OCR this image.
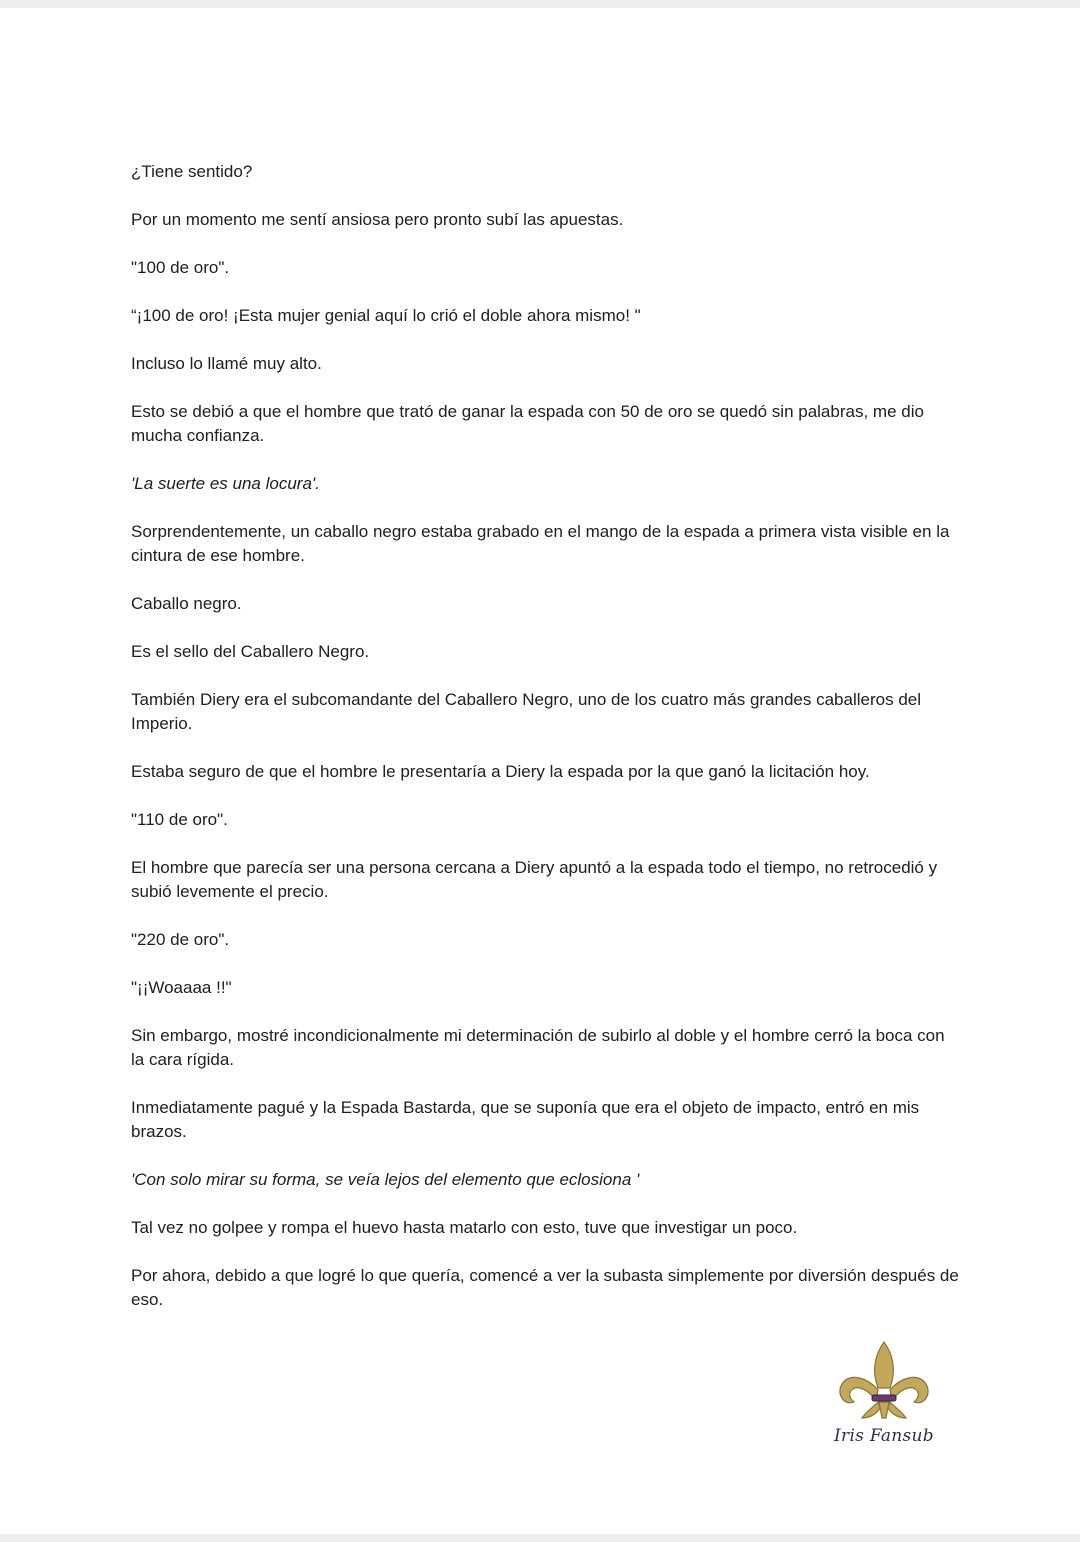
¿Tiene sentido?

Por un momento me sentí ansiosa pero pronto subí las apuestas.

"100 de oro".

“¡100 de oro! ¡Esta mujer genial aquí lo crió el doble ahora mismo! "

Incluso lo llamé muy alto.

Esto se debió a que el hombre que trató de ganar la espada con 50 de oro se quedó sin palabras, me dio mucha confianza.

'La suerte es una locura'.

Sorprendentemente, un caballo negro estaba grabado en el mango de la espada a primera vista visible en la cintura de ese hombre.

Caballo negro.

Es el sello del Caballero Negro.

También Diery era el subcomandante del Caballero Negro, uno de los cuatro más grandes caballeros del Imperio.

Estaba seguro de que el hombre le presentaría a Diery la espada por la que ganó la licitación hoy.

"110 de oro".

El hombre que parecía ser una persona cercana a Diery apuntó a la espada todo el tiempo, no retrocedió y subió levemente el precio.

"220 de oro".

"¡¡Woaaaa !!"

Sin embargo, mostré incondicionalmente mi determinación de subirlo al doble y el hombre cerró la boca con la cara rígida.

Inmediatamente pagué y la Espada Bastarda, que se suponía que era el objeto de impacto, entró en mis brazos.

'Con solo mirar su forma, se veía lejos del elemento que eclosiona '

Tal vez no golpee y rompa el huevo hasta matarlo con esto, tuve que investigar un poco.

Por ahora, debido a que logré lo que quería, comencé a ver la subasta simplemente por diversión después de eso.

Iris Fansub
